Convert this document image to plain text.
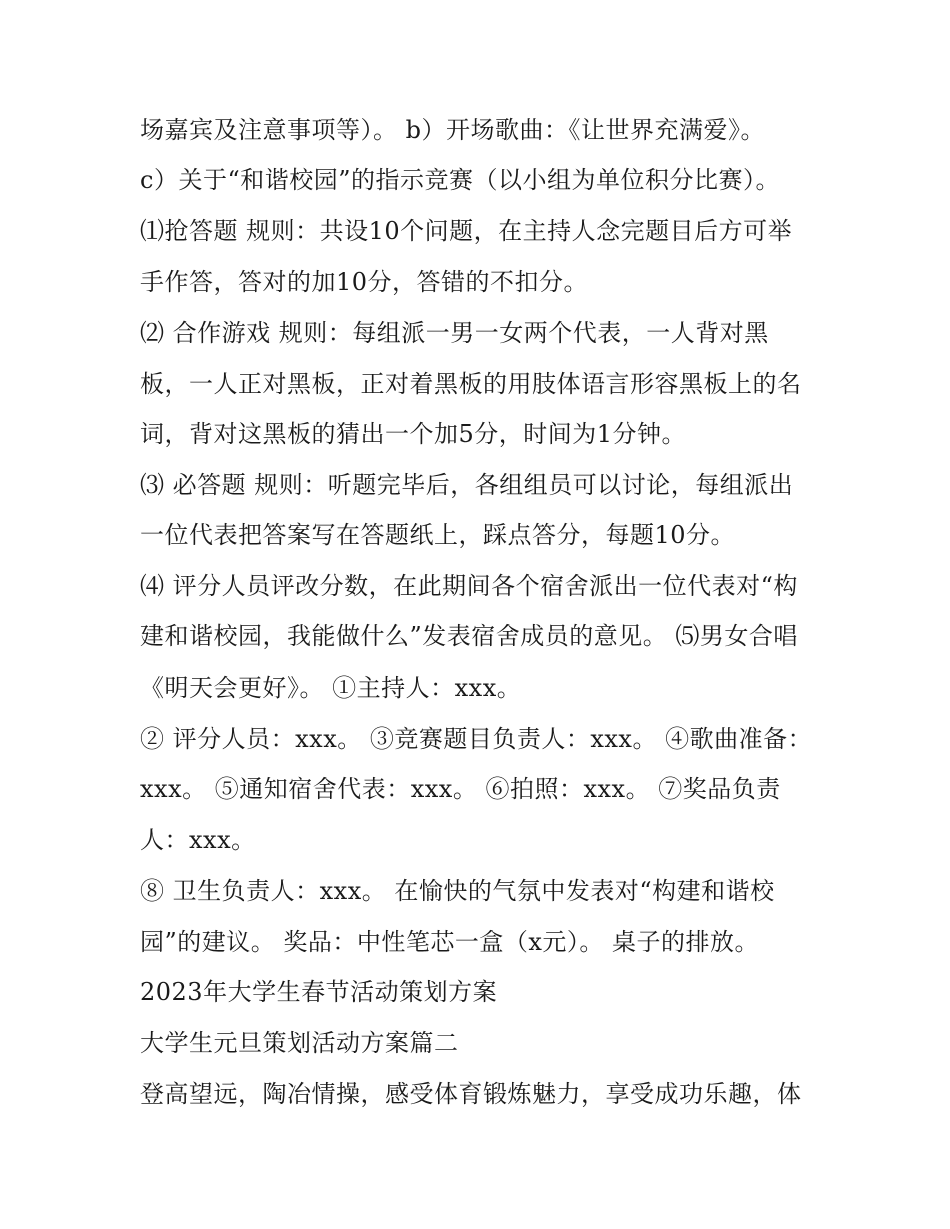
场嘉宾及注意事项等）。 b）开场歌曲：《让世界充满爱》。
c）关于“和谐校园”的指示竞赛（以小组为单位积分比赛）。
⑴抢答题 规则：共设10个问题，在主持人念完题目后方可举
手作答，答对的加10分，答错的不扣分。
⑵ 合作游戏 规则：每组派一男一女两个代表，一人背对黑
板，一人正对黑板，正对着黑板的用肢体语言形容黑板上的名
词，背对这黑板的猜出一个加5分，时间为1分钟。
⑶ 必答题 规则：听题完毕后，各组组员可以讨论，每组派出
一位代表把答案写在答题纸上，踩点答分，每题10分。
⑷ 评分人员评改分数，在此期间各个宿舍派出一位代表对“构
建和谐校园，我能做什么”发表宿舍成员的意见。 ⑸男女合唱
《明天会更好》。 ①主持人：xxx。
② 评分人员：xxx。 ③竞赛题目负责人：xxx。 ④歌曲准备：
xxx。 ⑤通知宿舍代表：xxx。 ⑥拍照：xxx。 ⑦奖品负责
人：xxx。
⑧ 卫生负责人：xxx。 在愉快的气氛中发表对“构建和谐校
园”的建议。 奖品：中性笔芯一盒（x元）。 桌子的排放。
2023年大学生春节活动策划方案
大学生元旦策划活动方案篇二
登高望远，陶冶情操，感受体育锻炼魅力，享受成功乐趣，体
